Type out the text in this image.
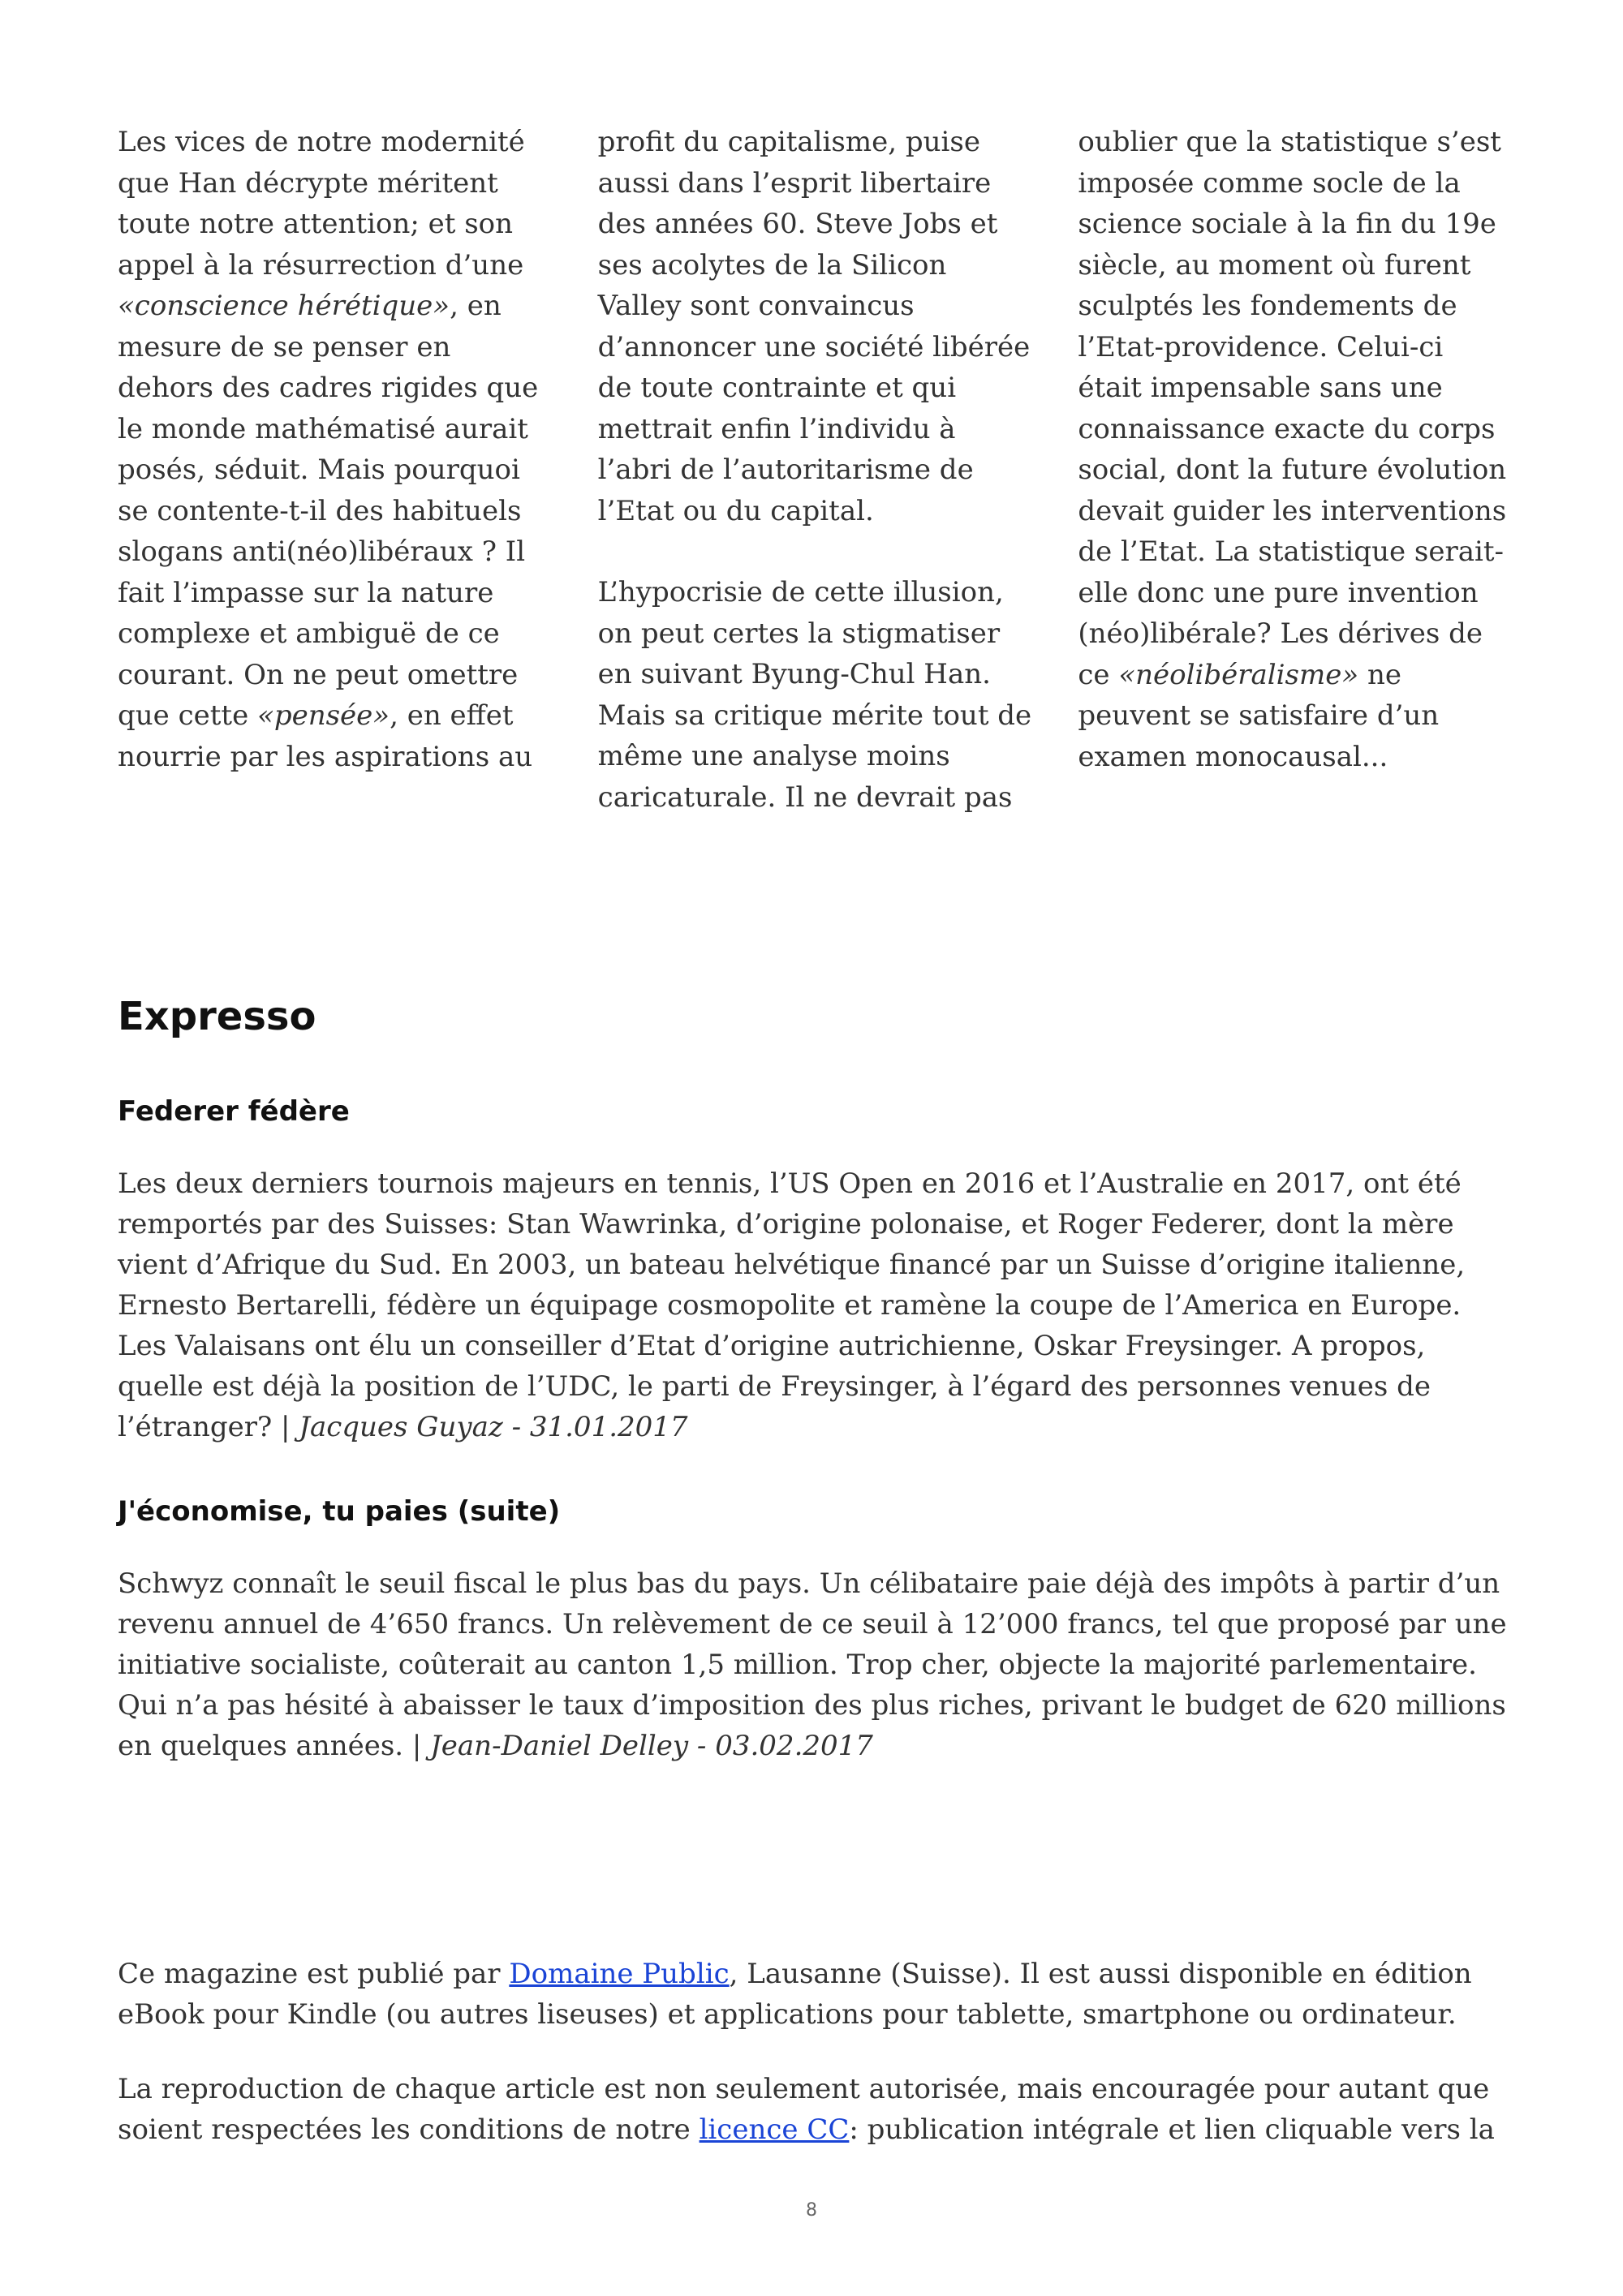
Les vices de notre modernité que Han décrypte méritent toute notre attention; et son appel à la résurrection d’une «conscience hérétique», en mesure de se penser en dehors des cadres rigides que le monde mathématisé aurait posés, séduit. Mais pourquoi se contente-t-il des habituels slogans anti(néo)libéraux ? Il fait l’impasse sur la nature complexe et ambiguë de ce courant. On ne peut omettre que cette «pensée», en effet nourrie par les aspirations au

profit du capitalisme, puise aussi dans l’esprit libertaire des années 60. Steve Jobs et ses acolytes de la Silicon Valley sont convaincus d’annoncer une société libérée de toute contrainte et qui mettrait enfin l’individu à l’abri de l’autoritarisme de l’Etat ou du capital.

L’hypocrisie de cette illusion, on peut certes la stigmatiser en suivant Byung-Chul Han. Mais sa critique mérite tout de même une analyse moins caricaturale. Il ne devrait pas

oublier que la statistique s’est imposée comme socle de la science sociale à la fin du 19e siècle, au moment où furent sculptés les fondements de l’Etat-providence. Celui-ci était impensable sans une connaissance exacte du corps social, dont la future évolution devait guider les interventions de l’Etat. La statistique serait-elle donc une pure invention (néo)libérale? Les dérives de ce «néolibéralisme» ne peuvent se satisfaire d’un examen monocausal...

Expresso
Federer fédère

Les deux derniers tournois majeurs en tennis, l’US Open en 2016 et l’Australie en 2017, ont été remportés par des Suisses: Stan Wawrinka, d’origine polonaise, et Roger Federer, dont la mère vient d’Afrique du Sud. En 2003, un bateau helvétique financé par un Suisse d’origine italienne, Ernesto Bertarelli, fédère un équipage cosmopolite et ramène la coupe de l’America en Europe. Les Valaisans ont élu un conseiller d’Etat d’origine autrichienne, Oskar Freysinger. A propos, quelle est déjà la position de l’UDC, le parti de Freysinger, à l’égard des personnes venues de l’étranger? | Jacques Guyaz - 31.01.2017

J'économise, tu paies (suite)

Schwyz connaît le seuil fiscal le plus bas du pays. Un célibataire paie déjà des impôts à partir d’un revenu annuel de 4’650 francs. Un relèvement de ce seuil à 12’000 francs, tel que proposé par une initiative socialiste, coûterait au canton 1,5 million. Trop cher, objecte la majorité parlementaire. Qui n’a pas hésité à abaisser le taux d’imposition des plus riches, privant le budget de 620 millions en quelques années. | Jean-Daniel Delley - 03.02.2017

Ce magazine est publié par Domaine Public, Lausanne (Suisse). Il est aussi disponible en édition eBook pour Kindle (ou autres liseuses) et applications pour tablette, smartphone ou ordinateur.

La reproduction de chaque article est non seulement autorisée, mais encouragée pour autant que soient respectées les conditions de notre licence CC: publication intégrale et lien cliquable vers la

8
